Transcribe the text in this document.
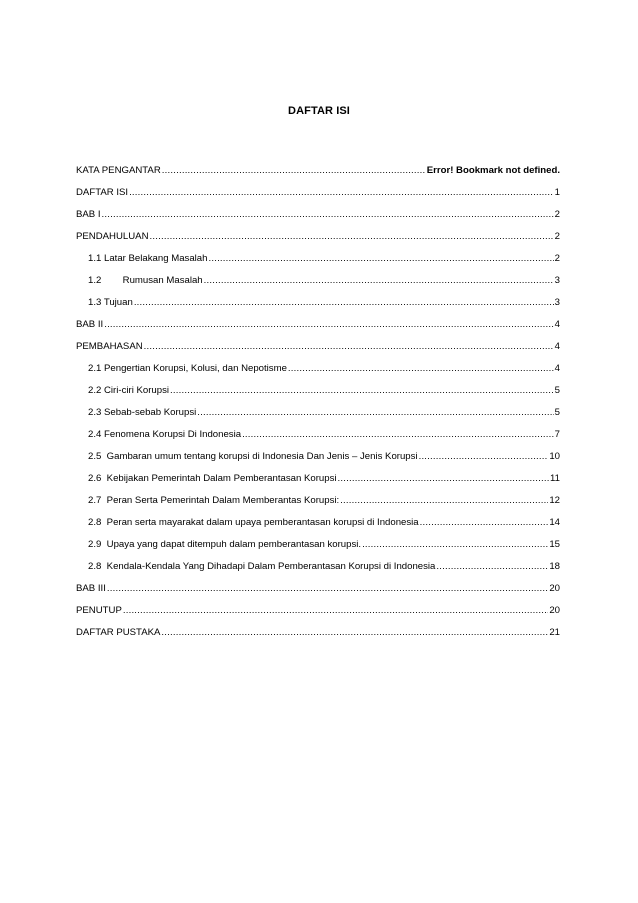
DAFTAR ISI
KATA PENGANTAR .....	Error! Bookmark not defined.
DAFTAR ISI .....	1
BAB I .....	2
PENDAHULUAN .....	2
1.1 Latar Belakang Masalah .....	2
1.2        Rumusan Masalah .....	3
1.3 Tujuan .....	3
BAB II .....	4
PEMBAHASAN .....	4
2.1 Pengertian Korupsi, Kolusi, dan Nepotisme .....	4
2.2 Ciri-ciri Korupsi .....	5
2.3 Sebab-sebab Korupsi .....	5
2.4 Fenomena Korupsi Di Indonesia .....	7
2.5  Gambaran umum tentang korupsi di Indonesia Dan Jenis – Jenis Korupsi .....	10
2.6  Kebijakan Pemerintah Dalam Pemberantasan Korupsi .....	11
2.7  Peran Serta Pemerintah Dalam Memberantas Korupsi: .....	12
2.8  Peran serta mayarakat dalam upaya pemberantasan korupsi di Indonesia .....	14
2.9  Upaya yang dapat ditempuh dalam pemberantasan korupsi. .....	15
2.8  Kendala-Kendala Yang Dihadapi Dalam Pemberantasan Korupsi di Indonesia .....	18
BAB III .....	20
PENUTUP .....	20
DAFTAR PUSTAKA .....	21
